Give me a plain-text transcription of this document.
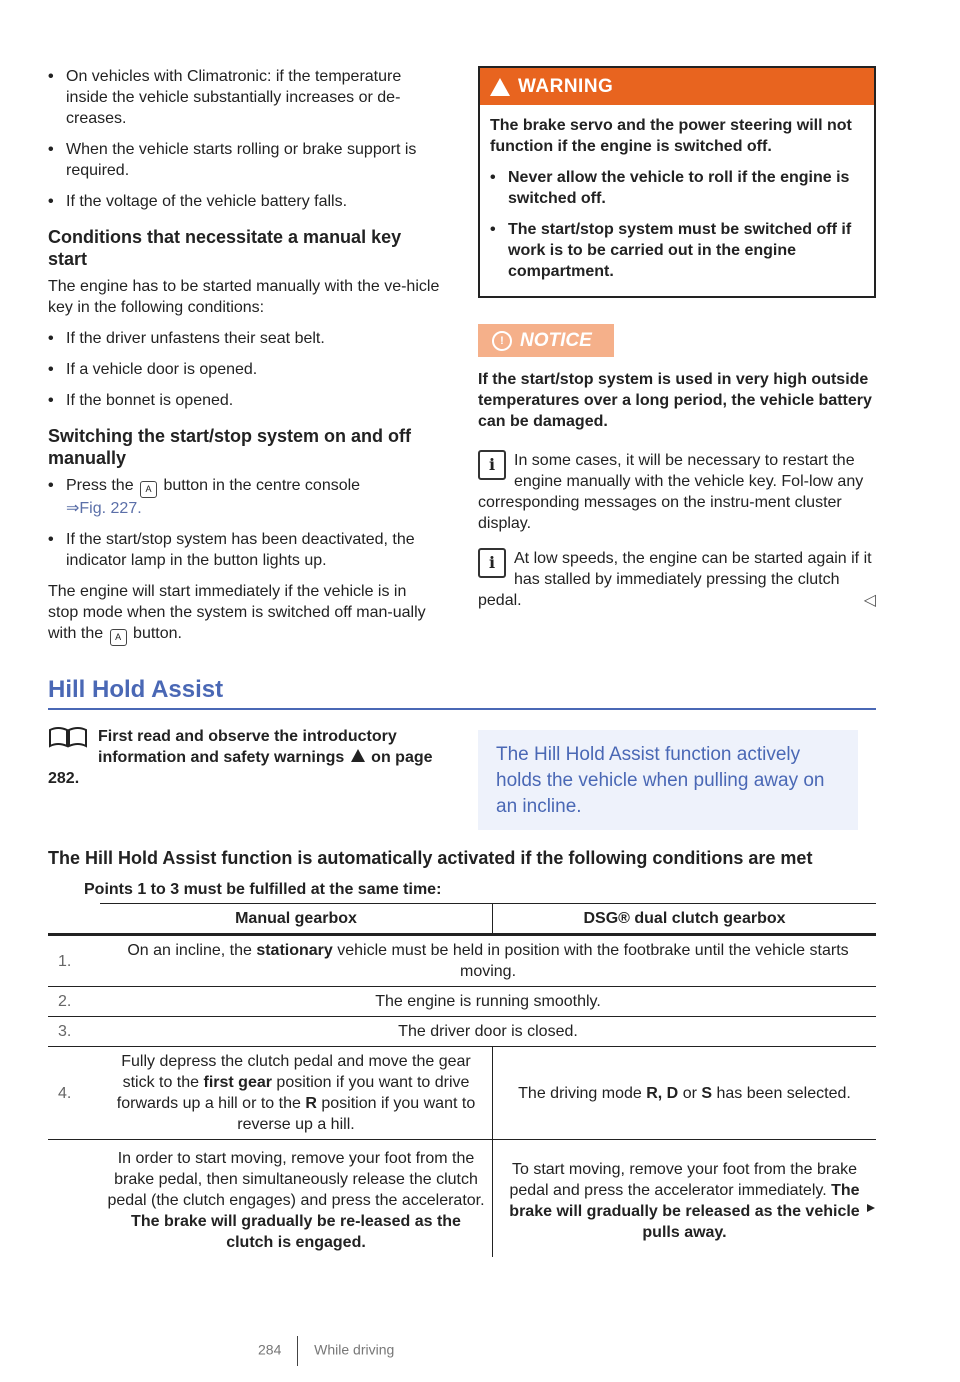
• On vehicles with Climatronic: if the temperature inside the vehicle substantially increases or de-creases.
• When the vehicle starts rolling or brake support is required.
• If the voltage of the vehicle battery falls.
Conditions that necessitate a manual key start

The engine has to be started manually with the ve-hicle key in the following conditions:

• If the driver unfastens their seat belt.
• If a vehicle door is opened.
• If the bonnet is opened.
Switching the start/stop system on and off manually
• Press the A button in the centre console
⇒Fig. 227.
• If the start/stop system has been deactivated, the indicator lamp in the button lights up.

The engine will start immediately if the vehicle is in stop mode when the system is switched off man-ually with the A button.

WARNING

The brake servo and the power steering will not function if the engine is switched off.

• Never allow the vehicle to roll if the engine is switched off.
• The start/stop system must be switched off if work is to be carried out in the engine compartment.
! NOTICE

If the start/stop system is used in very high outside temperatures over a long period, the vehicle battery can be damaged.

i	In some cases, it will be necessary to restart the engine manually with the vehicle key. Fol-low any corresponding messages on the instru-ment cluster display.
i	At low speeds, the engine can be started again if it has stalled by immediately pressing the clutch pedal.	◁
Hill Hold Assist
First read and observe the introductory information and safety warnings on page 282.
The Hill Hold Assist function actively holds the vehicle when pulling away on an incline.
The Hill Hold Assist function is automatically activated if the following conditions are met
Points 1 to 3 must be fulfilled at the same time:
	Manual gearbox	DSG® dual clutch gearbox
1.	On an incline, the stationary vehicle must be held in position with the footbrake until the vehicle starts moving.	
2.	The engine is running smoothly.	
3.	The driver door is closed.	
4.	Fully depress the clutch pedal and move the gear stick to the first gear position if you want to drive forwards up a hill or to the R position if you want to reverse up a hill.	The driving mode R, D or S has been selected.
	In order to start moving, remove your foot from the brake pedal, then simultaneously release the clutch pedal (the clutch engages) and press the accelerator. The brake will gradually be re-leased as the clutch is engaged.	To start moving, remove your foot from the brake pedal and press the accelerator immediately. The brake will gradually be released as the vehicle pulls away.
284 While driving
